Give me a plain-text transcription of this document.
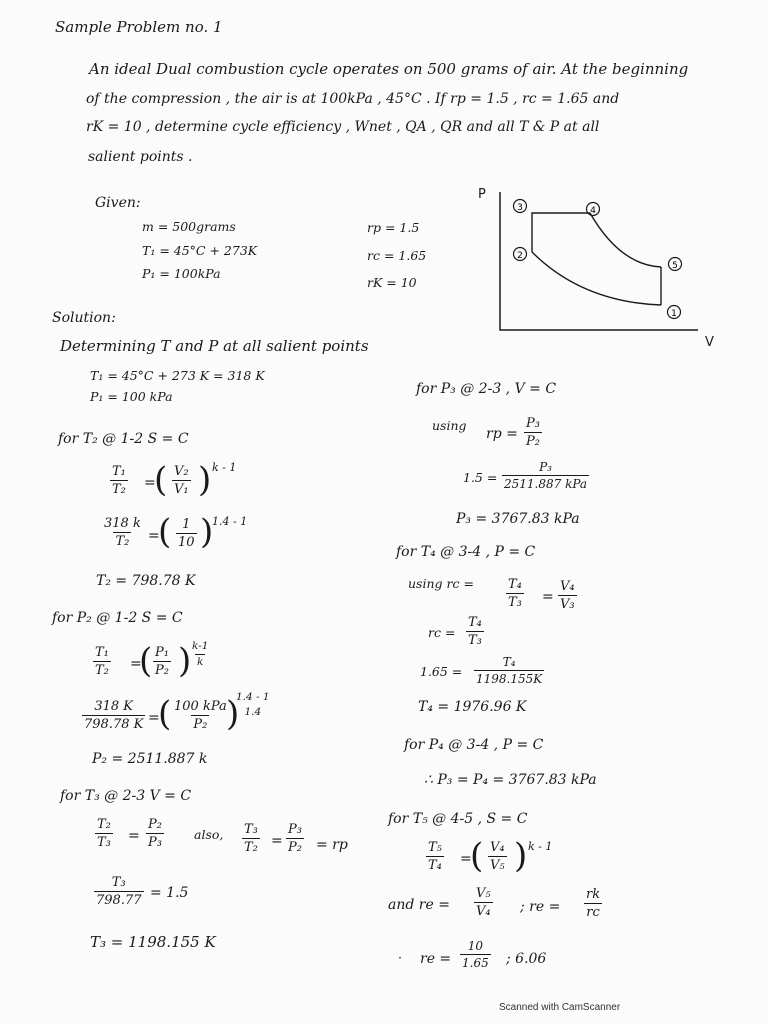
Sample Problem no. 1
An ideal Dual combustion cycle operates on 500 grams of air. At the beginning
of the compression , the air is at 100kPa , 45°C . If rp = 1.5 , rc = 1.65 and
rK = 10 , determine cycle efficiency , Wnet , QA , QR and all T & P at all
salient points .
Given:
m = 500grams
T₁ = 45°C + 273K
P₁ = 100kPa
rp = 1.5
rc = 1.65
rK = 10
P
V
3	4
2
5
1
Solution:
Determining T and P at all salient points
T₁ = 45°C + 273 K = 318 K
P₁ = 100 kPa
for T₂ @ 1-2 S = C
$\frac{\text{T₁}}{\text{T₂}}$ =
( $\frac{\text{V₂}}{\text{V₁}}$ ) k - 1
$\frac{318 k}{\text{T₂}}$ =
( $\frac{1}{10}$ )
1.4 - 1
T₂ = 798.78 K
for P₂ @ 1-2 S = C
$\frac{\text{T₁}}{\text{T₂}}$ =
( $\frac{\text{P₁}}{\text{P₂}}$ )
$\frac{k-1}{k}$
$\frac{318 K}{798.78 K}$ =
( 100 kPa
P₂ )
1.4 - 1
1.4
P₂ = 2511.887 k
for T₃ @ 2-3 V = C
$\frac{\text{T₂}}{\text{T₃}} = \frac{\text{P₂}}{\text{P₃}}$ also, $\frac{\text{T₃}}{\text{T₂}} = \frac{\text{P₃}}{\text{P₂}}$ = rp
$\frac{\text{T₃}}{798.77} = 1.5$
T₃ = 1198.155 K
for P₃ @ 2-3 , V = C
using
rp = $\frac{\text{P₃}}{\text{P₂}}$
1.5 =
P₃
2511.887 kPa
P₃ = 3767.83 kPa
for T₄ @ 3-4 , P = C
using rc = $\frac{\text{T₄}}{\text{T₃}} = \frac{\text{V₄}}{\text{V₃}}$
rc = $\frac{\text{T₄}}{\text{T₃}}$
$1.65 = \frac{\text{T₄}}{1198.155K}$
T₄ = 1976.96 K
for P₄ @ 3-4 , P = C
∴ P₃ = P₄ = 3767.83 kPa
for T₅ @ 4-5 , S = C
$\frac{\text{T₅}}{\text{T₄}}$ =
( $\frac{\text{V₄}}{\text{V₅}}$ ) k - 1
and re = $\frac{\text{V₅}}{\text{V₄}}$ ; re = $\frac{rk}{rc}$
· re = $\frac{10}{1.65}$ ; 6.06
Scanned with CamScanner
